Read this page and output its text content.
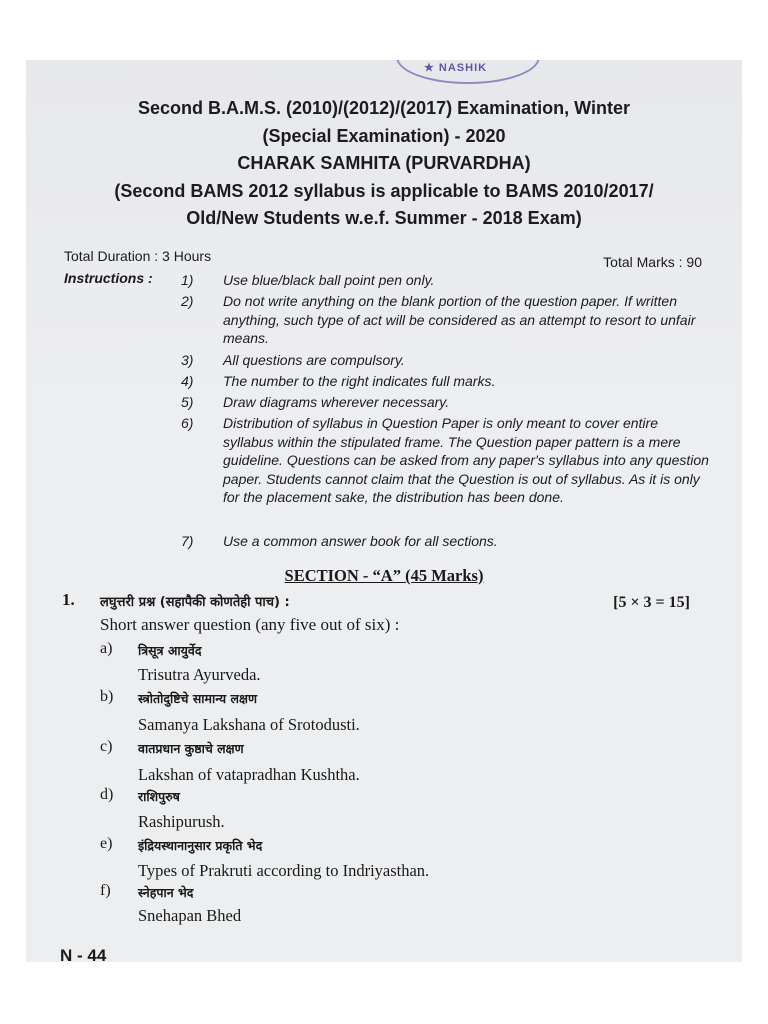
★ NASHIK
Second B.A.M.S. (2010)/(2012)/(2017) Examination, Winter
(Special Examination) - 2020
CHARAK SAMHITA (PURVARDHA)
(Second BAMS 2012 syllabus is applicable to BAMS 2010/2017/
Old/New Students w.e.f. Summer - 2018 Exam)
Total Duration : 3 Hours	Total Marks : 90
Instructions : 1)	Use blue/black ball point pen only.
2)	Do not write anything on the blank portion of the question paper. If written anything, such type of act will be considered as an attempt to resort to unfair means.
3)	All questions are compulsory.
4)	The number to the right indicates full marks.
5)	Draw diagrams wherever necessary.
6)	Distribution of syllabus in Question Paper is only meant to cover entire syllabus within the stipulated frame. The Question paper pattern is a mere guideline. Questions can be asked from any paper's syllabus into any question paper. Students cannot claim that the Question is out of syllabus. As it is only for the placement sake, the distribution has been done.
7)	Use a common answer book for all sections.
SECTION - “A” (45 Marks)
1. लघुत्तरी प्रश्न (सहापैकी कोणतेही पाच) :	[5 × 3 = 15]
Short answer question (any five out of six) :
a) त्रिसूत्र आयुर्वेद
Trisutra Ayurveda.
b) स्त्रोतोदुष्टिचे सामान्य लक्षण
Samanya Lakshana of Srotodusti.
c) वातप्रधान कुष्ठाचे लक्षण
Lakshan of vatapradhan Kushtha.
d) राशिपुरुष
Rashipurush.
e) इंद्रियस्थानानुसार प्रकृति भेद
Types of Prakruti according to Indriyasthan.
f) स्नेहपान भेद
Snehapan Bhed
N - 44
